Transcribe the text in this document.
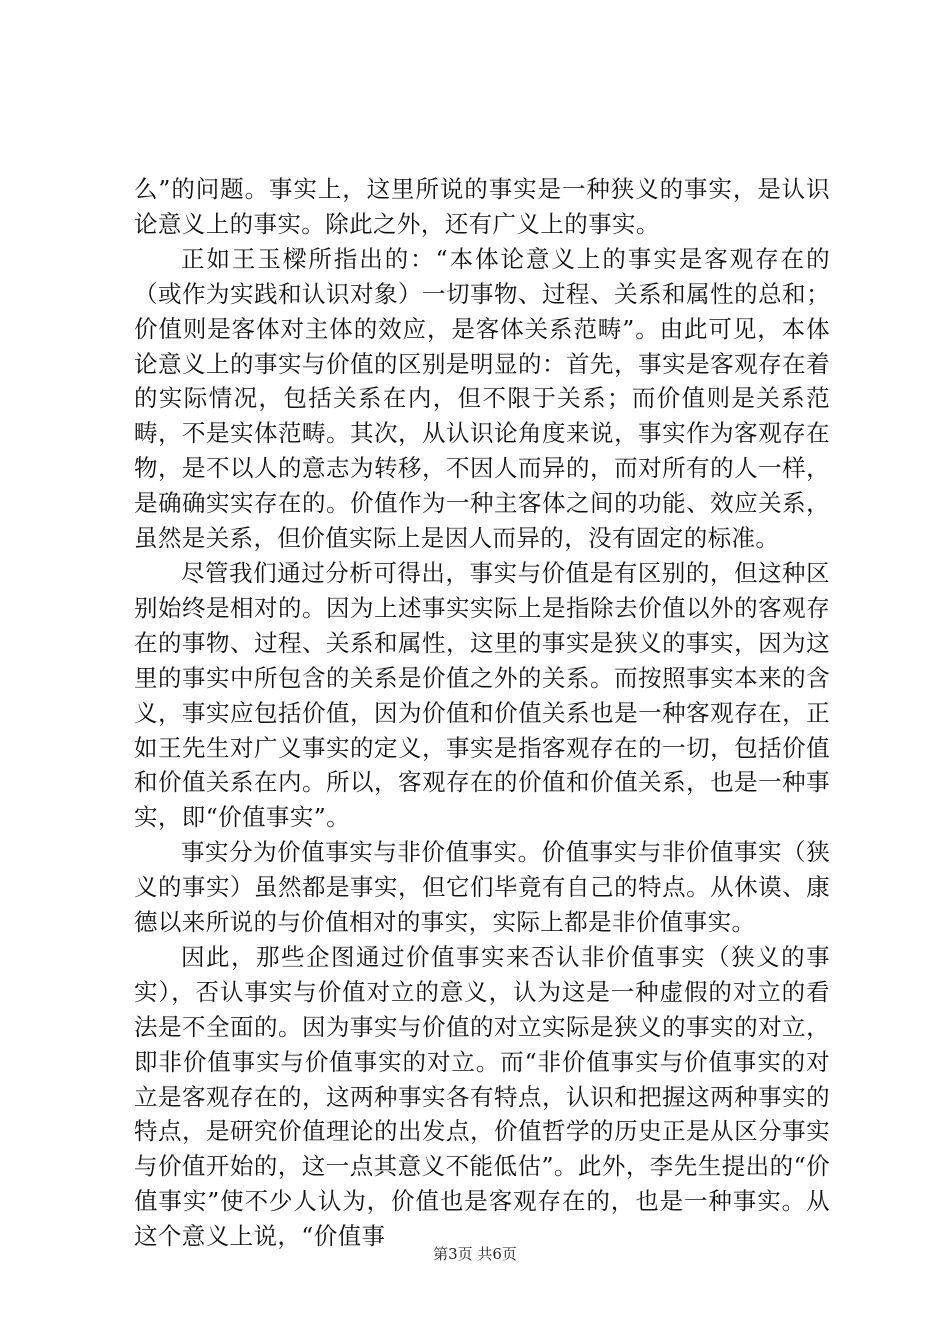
么”的问题。事实上，这里所说的事实是一种狭义的事实，是认识论意义上的事实。除此之外，还有广义上的事实。

正如王玉樑所指出的：“本体论意义上的事实是客观存在的（或作为实践和认识对象）一切事物、过程、关系和属性的总和；价值则是客体对主体的效应，是客体关系范畴”。由此可见，本体论意义上的事实与价值的区别是明显的：首先，事实是客观存在着的实际情况，包括关系在内，但不限于关系；而价值则是关系范畴，不是实体范畴。其次，从认识论角度来说，事实作为客观存在物，是不以人的意志为转移，不因人而异的，而对所有的人一样，是确确实实存在的。价值作为一种主客体之间的功能、效应关系，虽然是关系，但价值实际上是因人而异的，没有固定的标准。

尽管我们通过分析可得出，事实与价值是有区别的，但这种区别始终是相对的。因为上述事实实际上是指除去价值以外的客观存在的事物、过程、关系和属性，这里的事实是狭义的事实，因为这里的事实中所包含的关系是价值之外的关系。而按照事实本来的含义，事实应包括价值，因为价值和价值关系也是一种客观存在，正如王先生对广义事实的定义，事实是指客观存在的一切，包括价值和价值关系在内。所以，客观存在的价值和价值关系，也是一种事实，即“价值事实”。

事实分为价值事实与非价值事实。价值事实与非价值事实（狭义的事实）虽然都是事实，但它们毕竟有自己的特点。从休谟、康德以来所说的与价值相对的事实，实际上都是非价值事实。

因此，那些企图通过价值事实来否认非价值事实（狭义的事实），否认事实与价值对立的意义，认为这是一种虚假的对立的看法是不全面的。因为事实与价值的对立实际是狭义的事实的对立，即非价值事实与价值事实的对立。而“非价值事实与价值事实的对立是客观存在的，这两种事实各有特点，认识和把握这两种事实的特点，是研究价值理论的出发点，价值哲学的历史正是从区分事实与价值开始的，这一点其意义不能低估”。此外，李先生提出的“价值事实”使不少人认为，价值也是客观存在的，也是一种事实。从这个意义上说，“价值事

第3页 共6页
